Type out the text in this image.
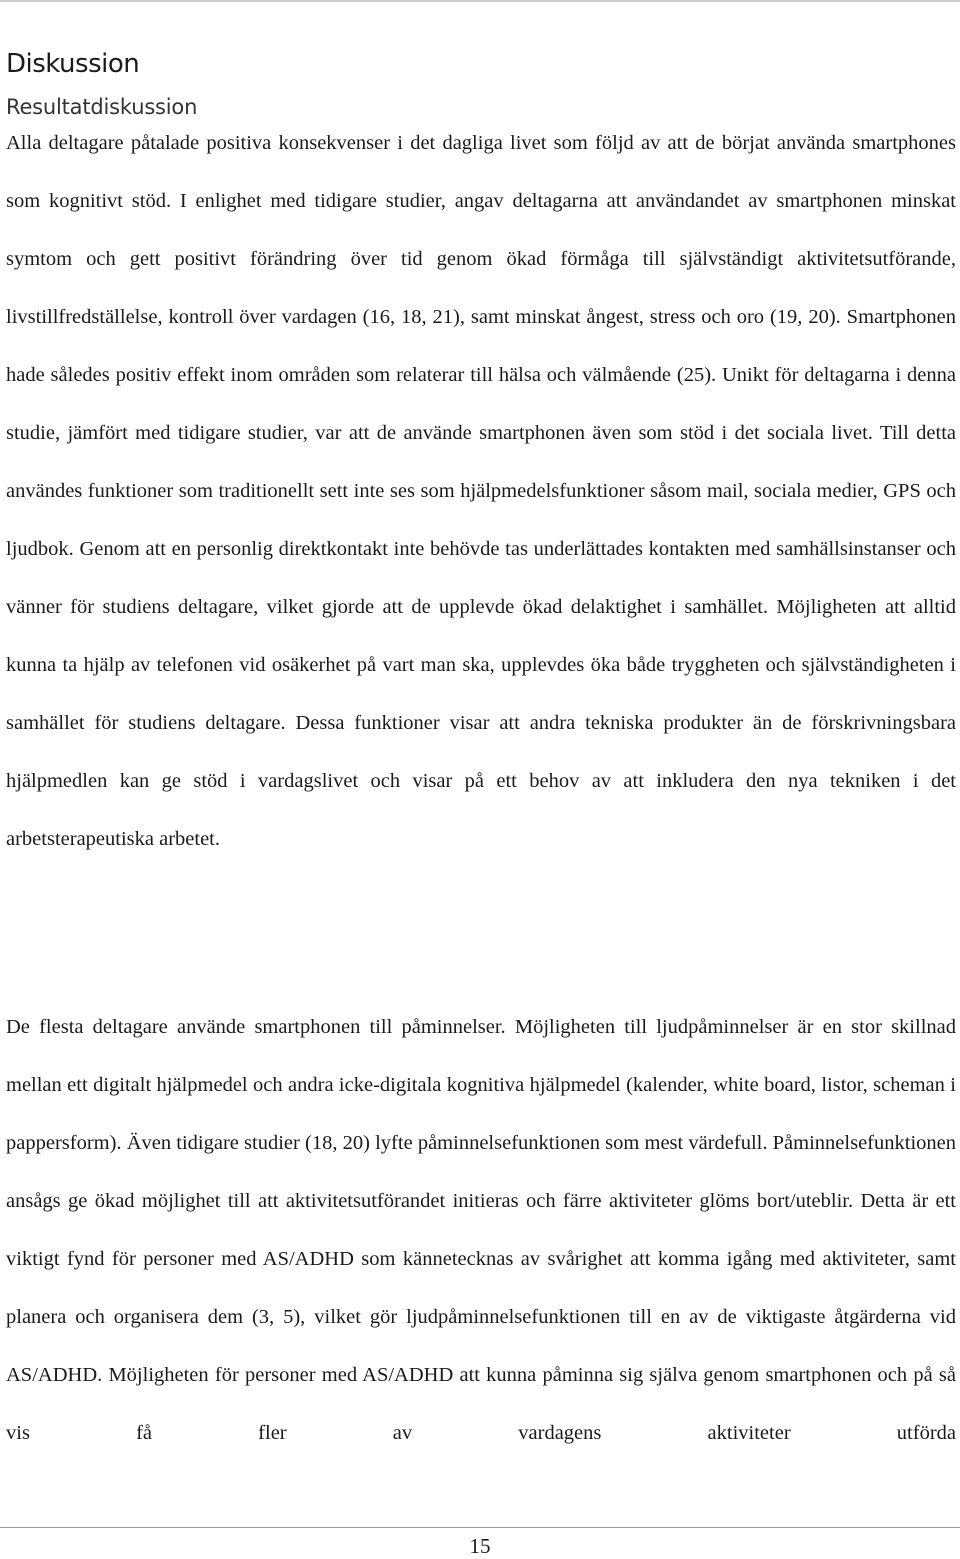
Diskussion
Resultatdiskussion

Alla deltagare påtalade positiva konsekvenser i det dagliga livet som följd av att de börjat använda smartphones som kognitivt stöd. I enlighet med tidigare studier, angav deltagarna att användandet av smartphonen minskat symtom och gett positivt förändring över tid genom ökad förmåga till självständigt aktivitetsutförande, livstillfredställelse, kontroll över vardagen (16, 18, 21), samt minskat ångest, stress och oro (19, 20). Smartphonen hade således positiv effekt inom områden som relaterar till hälsa och välmående (25). Unikt för deltagarna i denna studie, jämfört med tidigare studier, var att de använde smartphonen även som stöd i det sociala livet. Till detta användes funktioner som traditionellt sett inte ses som hjälpmedelsfunktioner såsom mail, sociala medier, GPS och ljudbok. Genom att en personlig direktkontakt inte behövde tas underlättades kontakten med samhällsinstanser och vänner för studiens deltagare, vilket gjorde att de upplevde ökad delaktighet i samhället. Möjligheten att alltid kunna ta hjälp av telefonen vid osäkerhet på vart man ska, upplevdes öka både tryggheten och självständigheten i samhället för studiens deltagare. Dessa funktioner visar att andra tekniska produkter än de förskrivningsbara hjälpmedlen kan ge stöd i vardagslivet och visar på ett behov av att inkludera den nya tekniken i det arbetsterapeutiska arbetet.

De flesta deltagare använde smartphonen till påminnelser. Möjligheten till ljudpåminnelser är en stor skillnad mellan ett digitalt hjälpmedel och andra icke-digitala kognitiva hjälpmedel (kalender, white board, listor, scheman i pappersform). Även tidigare studier (18, 20) lyfte påminnelsefunktionen som mest värdefull. Påminnelsefunktionen ansågs ge ökad möjlighet till att aktivitetsutförandet initieras och färre aktiviteter glöms bort/uteblir. Detta är ett viktigt fynd för personer med AS/ADHD som kännetecknas av svårighet att komma igång med aktiviteter, samt planera och organisera dem (3, 5), vilket gör ljudpåminnelsefunktionen till en av de viktigaste åtgärderna vid AS/ADHD. Möjligheten för personer med AS/ADHD att kunna påminna sig själva genom smartphonen och på så vis få fler av vardagens aktiviteter utförda

15
